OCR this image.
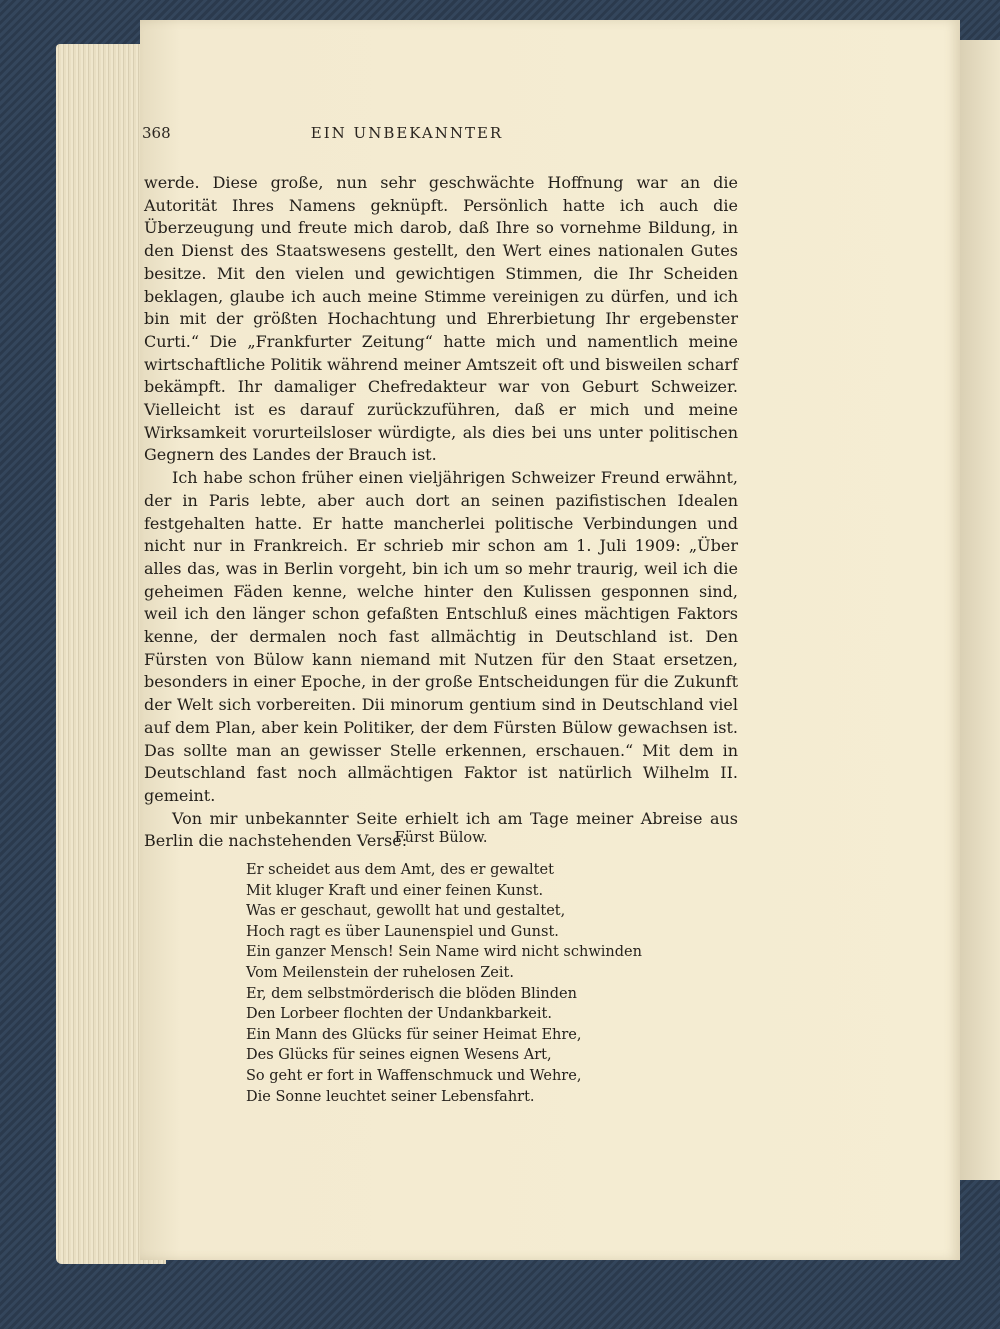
368	EIN UNBEKANNTER

werde. Diese große, nun sehr geschwächte Hoffnung war an die Autorität Ihres Namens geknüpft. Persönlich hatte ich auch die Überzeugung und freute mich darob, daß Ihre so vornehme Bildung, in den Dienst des Staatswesens gestellt, den Wert eines nationalen Gutes besitze. Mit den vielen und gewichtigen Stimmen, die Ihr Scheiden beklagen, glaube ich auch meine Stimme vereinigen zu dürfen, und ich bin mit der größten Hochachtung und Ehrerbietung Ihr ergebenster Curti.“ Die „Frankfurter Zeitung“ hatte mich und namentlich meine wirtschaftliche Politik während meiner Amtszeit oft und bisweilen scharf bekämpft. Ihr damaliger Chefredakteur war von Geburt Schweizer. Vielleicht ist es darauf zurückzuführen, daß er mich und meine Wirksamkeit vorurteilsloser würdigte, als dies bei uns unter politischen Gegnern des Landes der Brauch ist.

Ich habe schon früher einen vieljährigen Schweizer Freund erwähnt, der in Paris lebte, aber auch dort an seinen pazifistischen Idealen festgehalten hatte. Er hatte mancherlei politische Verbindungen und nicht nur in Frankreich. Er schrieb mir schon am 1. Juli 1909: „Über alles das, was in Berlin vorgeht, bin ich um so mehr traurig, weil ich die geheimen Fäden kenne, welche hinter den Kulissen gesponnen sind, weil ich den länger schon gefaßten Entschluß eines mächtigen Faktors kenne, der dermalen noch fast allmächtig in Deutschland ist. Den Fürsten von Bülow kann niemand mit Nutzen für den Staat ersetzen, besonders in einer Epoche, in der große Entscheidungen für die Zukunft der Welt sich vorbereiten. Dii minorum gentium sind in Deutschland viel auf dem Plan, aber kein Politiker, der dem Fürsten Bülow gewachsen ist. Das sollte man an gewisser Stelle erkennen, erschauen.“ Mit dem in Deutschland fast noch allmächtigen Faktor ist natürlich Wilhelm II. gemeint.

Von mir unbekannter Seite erhielt ich am Tage meiner Abreise aus Berlin die nachstehenden Verse:

Fürst Bülow.

Er scheidet aus dem Amt, des er gewaltet

Mit kluger Kraft und einer feinen Kunst.

Was er geschaut, gewollt hat und gestaltet,

Hoch ragt es über Launenspiel und Gunst.

Ein ganzer Mensch! Sein Name wird nicht schwinden

Vom Meilenstein der ruhelosen Zeit.

Er, dem selbstmörderisch die blöden Blinden

Den Lorbeer flochten der Undankbarkeit.

Ein Mann des Glücks für seiner Heimat Ehre,

Des Glücks für seines eignen Wesens Art,

So geht er fort in Waffenschmuck und Wehre,

Die Sonne leuchtet seiner Lebensfahrt.
